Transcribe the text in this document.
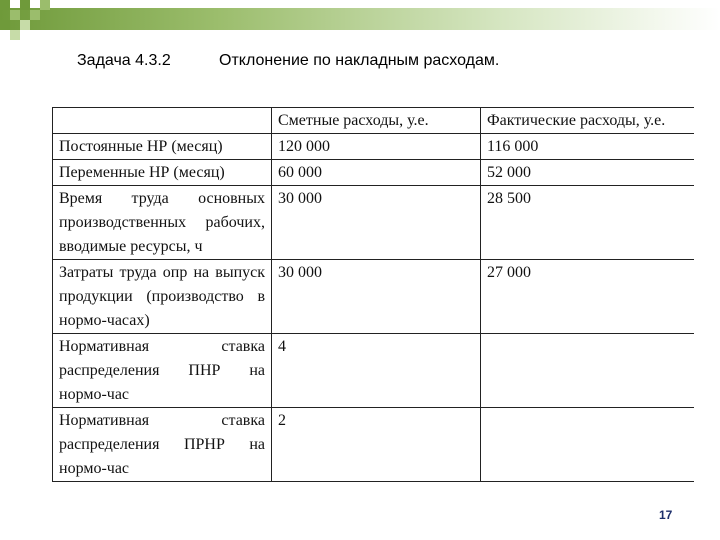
Задача 4.3.2	Отклонение по накладным расходам.
	Сметные расходы, у.е.	Фактические расходы, у.е.

Постоянные НР (месяц)	120 000	116 000

Переменные НР (месяц)	60 000	52 000

Время труда основных
производственных рабочих,
вводимые ресурсы, ч	30 000	28 500

Затраты труда опр на выпуск
продукции (производство в
нормо-часах)	30 000	27 000

Нормативная ставка
распределения ПНР на
нормо-час	4	

Нормативная ставка
распределения ПРНР на
нормо-час	2	
17
